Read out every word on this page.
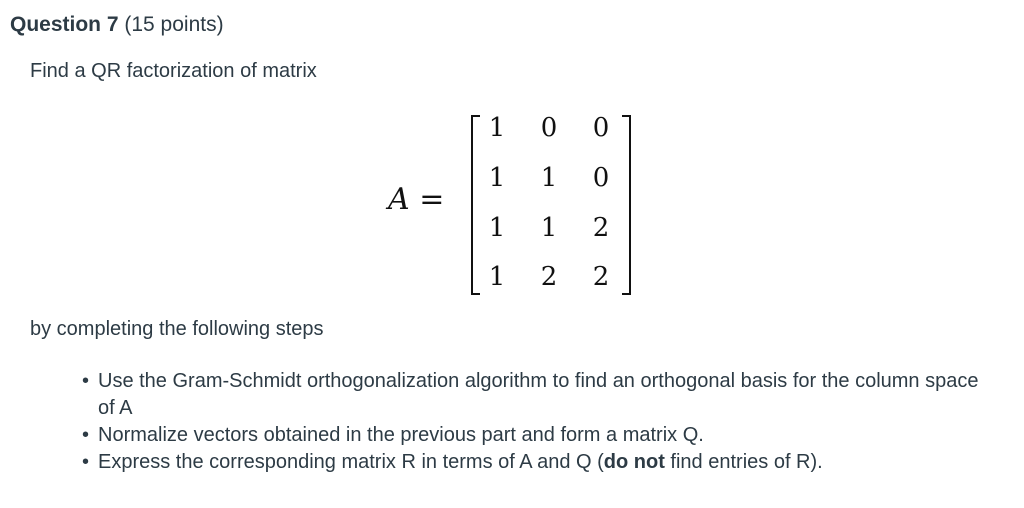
Question 7 (15 points)
Find a QR factorization of matrix
A =
1 0 0
1 1 0
1 1 2
1 2 2
by completing the following steps
• Use the Gram-Schmidt orthogonalization algorithm to find an orthogonal basis for the column space of A
• Normalize vectors obtained in the previous part and form a matrix Q.
• Express the corresponding matrix R in terms of A and Q (do not find entries of R).
